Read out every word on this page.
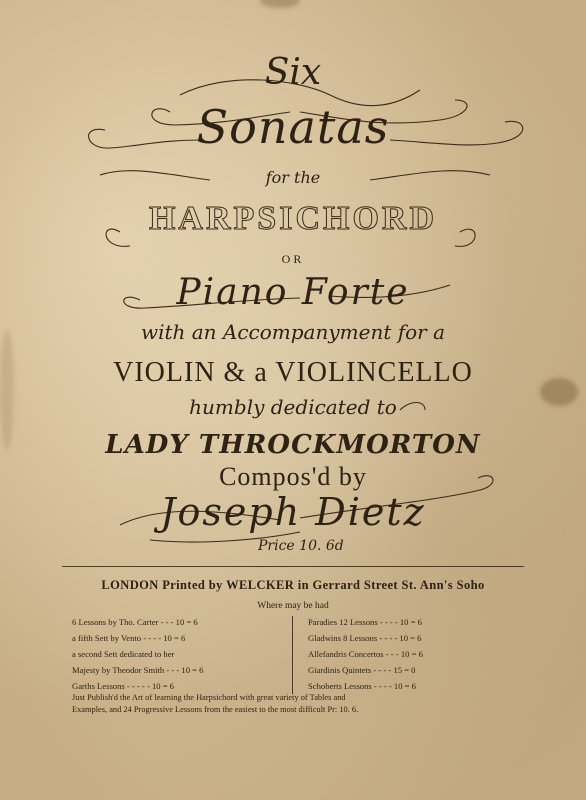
Six
Sonatas
for the
HARPSICHORD
OR
Piano Forte
with an Accompanyment for a
VIOLIN & a VIOLINCELLO
humbly dedicated to
LADY THROCKMORTON
Compos'd by
Joseph Dietz
Price 10. 6d
LONDON Printed by WELCKER in Gerrard Street St. Ann's Soho
Where may be had
6 Lessons by Tho. Carter - - - 10 = 6
a fifth Sett by Vento - - - - 10 = 6
a second Sett dedicated to her
Majesty by Theodor Smith - - - 10 = 6
Garths Lessons - - - - - 10 = 6
Paradies 12 Lessons - - - - 10 = 6
Gladwins 8 Lessons - - - - 10 = 6
Allefandris Concertos - - - 10 = 6
Giardinis Quintets - - - - 15 = 0
Schoberts Lessons - - - - 10 = 6
Just Publish'd the Art of learning the Harpsichord with great variety of Tables and
Examples, and 24 Progressive Lessons from the easiest to the most difficult Pr: 10. 6.
